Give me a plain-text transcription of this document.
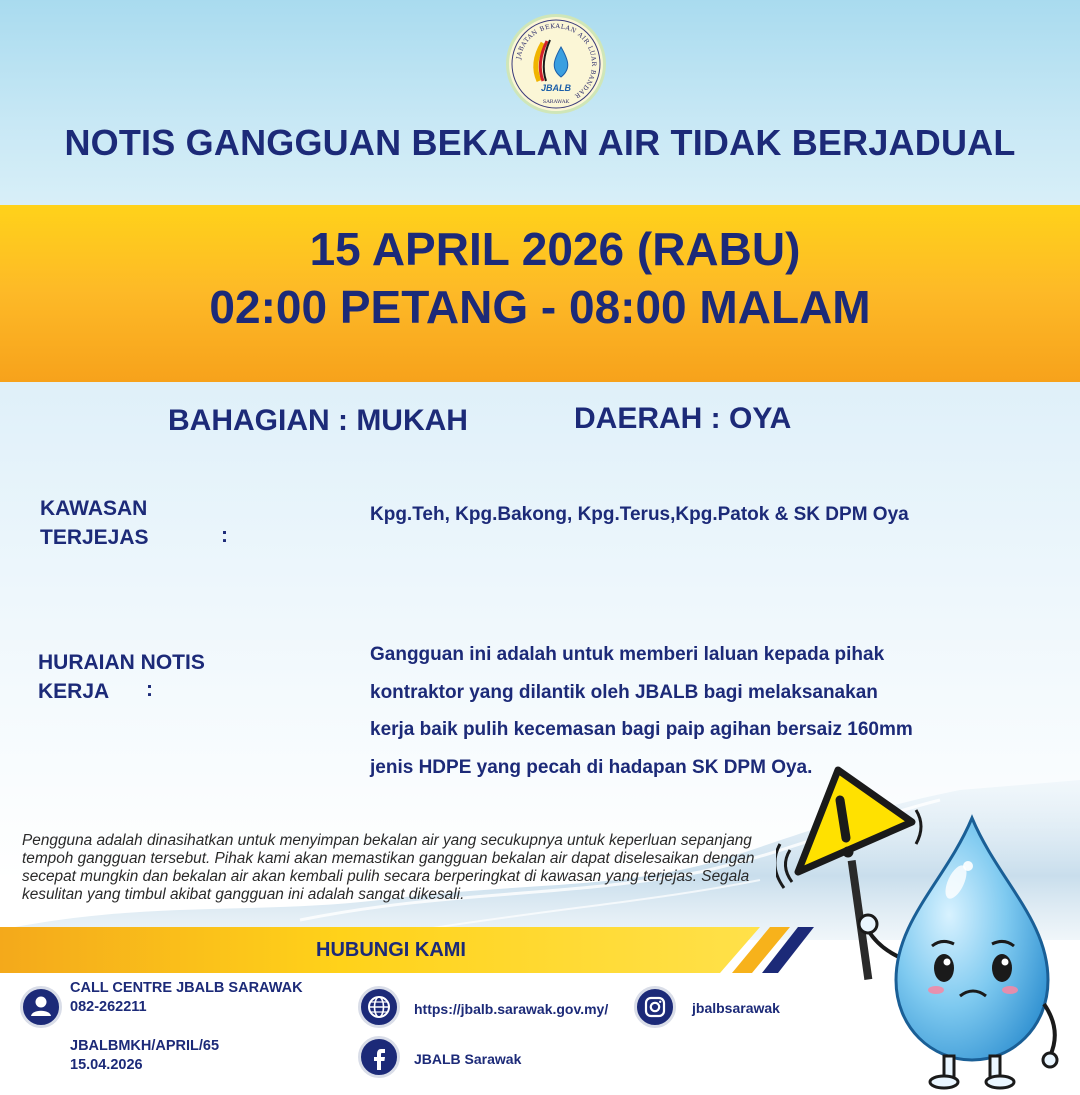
JABATAN BEKALAN AIR LUAR BANDAR
JBALB
SARAWAK
NOTIS GANGGUAN BEKALAN AIR TIDAK BERJADUAL
15 APRIL 2026 (RABU)
02:00 PETANG - 08:00 MALAM
BAHAGIAN : MUKAH	DAERAH : OYA
KAWASAN
TERJEJAS	:
Kpg.Teh, Kpg.Bakong, Kpg.Terus,Kpg.Patok & SK DPM Oya
HURAIAN NOTIS
KERJA	:
Gangguan ini adalah untuk memberi laluan kepada pihak
kontraktor yang dilantik oleh JBALB bagi melaksanakan
kerja baik pulih kecemasan bagi paip agihan bersaiz 160mm
jenis HDPE yang pecah di hadapan SK DPM Oya.
Pengguna adalah dinasihatkan untuk menyimpan bekalan air yang secukupnya untuk keperluan sepanjang tempoh gangguan tersebut. Pihak kami akan memastikan gangguan bekalan air dapat diselesaikan dengan secepat mungkin dan bekalan air akan kembali pulih secara berperingkat di kawasan yang terjejas. Segala kesulitan yang timbul akibat gangguan ini adalah sangat dikesali.
HUBUNGI KAMI
CALL CENTRE JBALB SARAWAK
082-262211
JBALBMKH/APRIL/65
15.04.2026
https://jbalb.sarawak.gov.my/
JBALB Sarawak
jbalbsarawak
